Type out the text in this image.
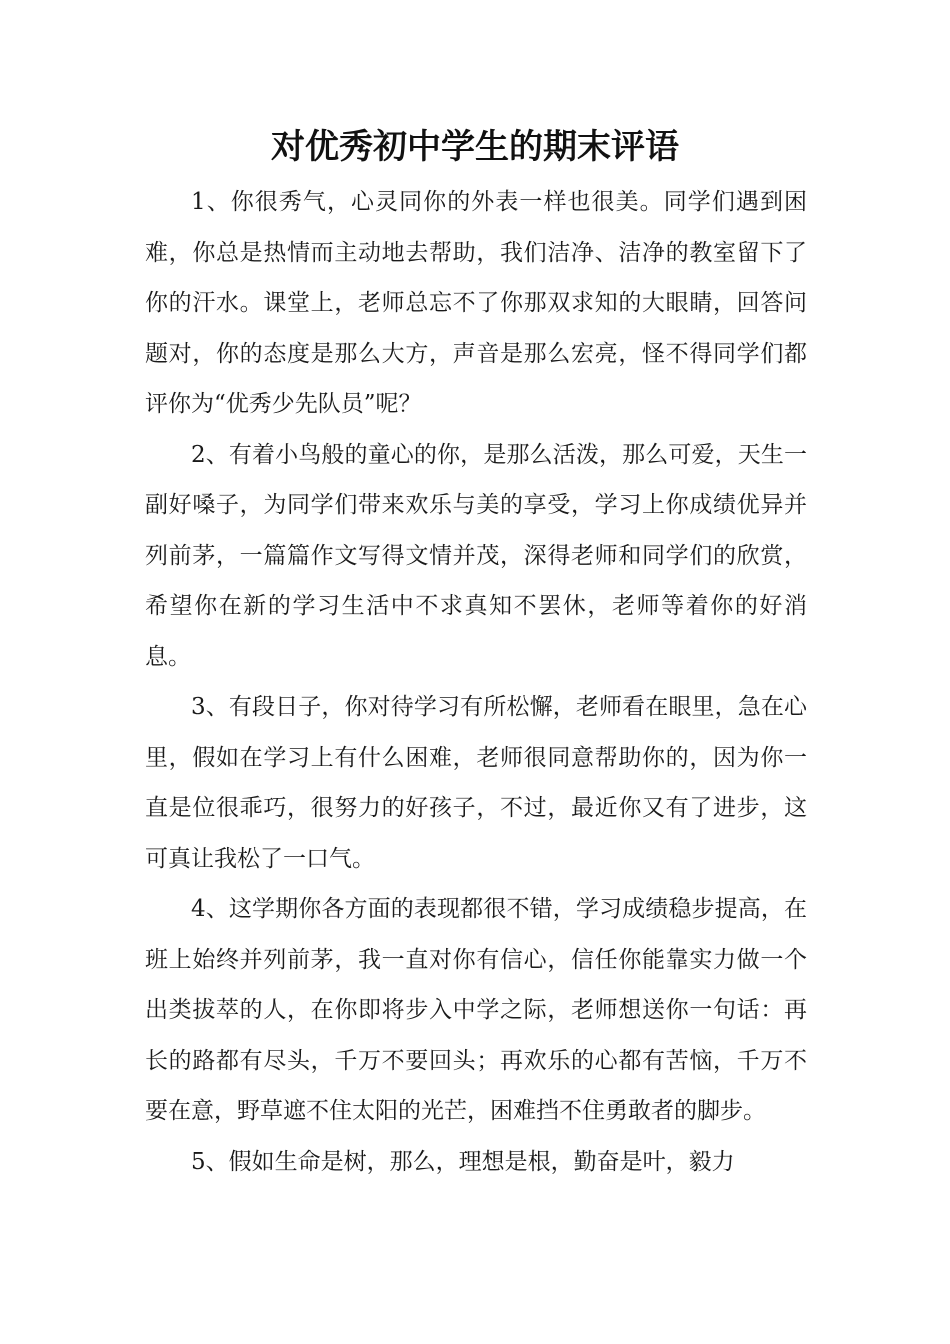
对优秀初中学生的期末评语

1、你很秀气，心灵同你的外表一样也很美。同学们遇到困难，你总是热情而主动地去帮助，我们洁净、洁净的教室留下了你的汗水。课堂上，老师总忘不了你那双求知的大眼睛，回答问题对，你的态度是那么大方，声音是那么宏亮，怪不得同学们都评你为“优秀少先队员”呢？

2、有着小鸟般的童心的你，是那么活泼，那么可爱，天生一副好嗓子，为同学们带来欢乐与美的享受，学习上你成绩优异并列前茅，一篇篇作文写得文情并茂，深得老师和同学们的欣赏，希望你在新的学习生活中不求真知不罢休，老师等着你的好消息。

3、有段日子，你对待学习有所松懈，老师看在眼里，急在心里，假如在学习上有什么困难，老师很同意帮助你的，因为你一直是位很乖巧，很努力的好孩子，不过，最近你又有了进步，这可真让我松了一口气。

4、这学期你各方面的表现都很不错，学习成绩稳步提高，在班上始终并列前茅，我一直对你有信心，信任你能靠实力做一个出类拔萃的人，在你即将步入中学之际，老师想送你一句话：再长的路都有尽头，千万不要回头；再欢乐的心都有苦恼，千万不要在意，野草遮不住太阳的光芒，困难挡不住勇敢者的脚步。

5、假如生命是树，那么，理想是根，勤奋是叶，毅力
